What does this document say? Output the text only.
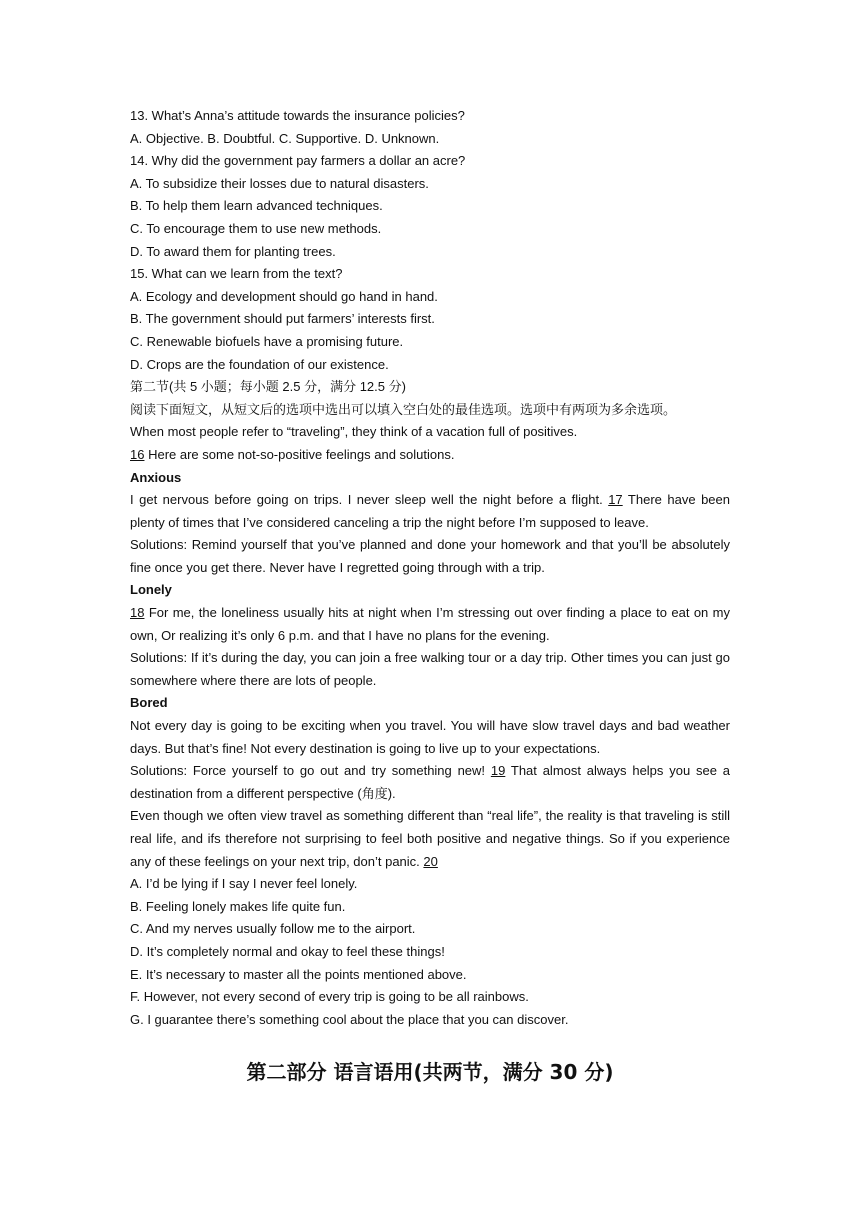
13. What’s Anna’s attitude towards the insurance policies?
A. Objective. B. Doubtful. C. Supportive. D. Unknown.
14. Why did the government pay farmers a dollar an acre?
A. To subsidize their losses due to natural disasters.
B. To help them learn advanced techniques.
C. To encourage them to use new methods.
D. To award them for planting trees.
15. What can we learn from the text?
A. Ecology and development should go hand in hand.
B. The government should put farmers’ interests first.
C. Renewable biofuels have a promising future.
D. Crops are the foundation of our existence.
第二节(共 5 小题；每小题 2.5 分，满分 12.5 分)
阅读下面短文，从短文后的选项中选出可以填入空白处的最佳选项。选项中有两项为多余选项。
When most people refer to “traveling”, they think of a vacation full of positives.
16 Here are some not-so-positive feelings and solutions.
Anxious
I get nervous before going on trips. I never sleep well the night before a flight. 17 There have been plenty of times that I’ve considered canceling a trip the night before I’m supposed to leave.
Solutions: Remind yourself that you’ve planned and done your homework and that you’ll be absolutely fine once you get there. Never have I regretted going through with a trip.
Lonely
18 For me, the loneliness usually hits at night when I’m stressing out over finding a place to eat on my own, Or realizing it’s only 6 p.m. and that I have no plans for the evening.
Solutions: If it’s during the day, you can join a free walking tour or a day trip. Other times you can just go somewhere where there are lots of people.
Bored
Not every day is going to be exciting when you travel. You will have slow travel days and bad weather days. But that’s fine! Not every destination is going to live up to your expectations.
Solutions: Force yourself to go out and try something new! 19 That almost always helps you see a destination from a different perspective (角度).
Even though we often view travel as something different than “real life”, the reality is that traveling is still real life, and ifs therefore not surprising to feel both positive and negative things. So if you experience any of these feelings on your next trip, don’t panic. 20
A. I’d be lying if I say I never feel lonely.
B. Feeling lonely makes life quite fun.
C. And my nerves usually follow me to the airport.
D. It’s completely normal and okay to feel these things!
E. It’s necessary to master all the points mentioned above.
F. However, not every second of every trip is going to be all rainbows.
G. I guarantee there’s something cool about the place that you can discover.
第二部分 语言语用(共两节，满分 30 分)
